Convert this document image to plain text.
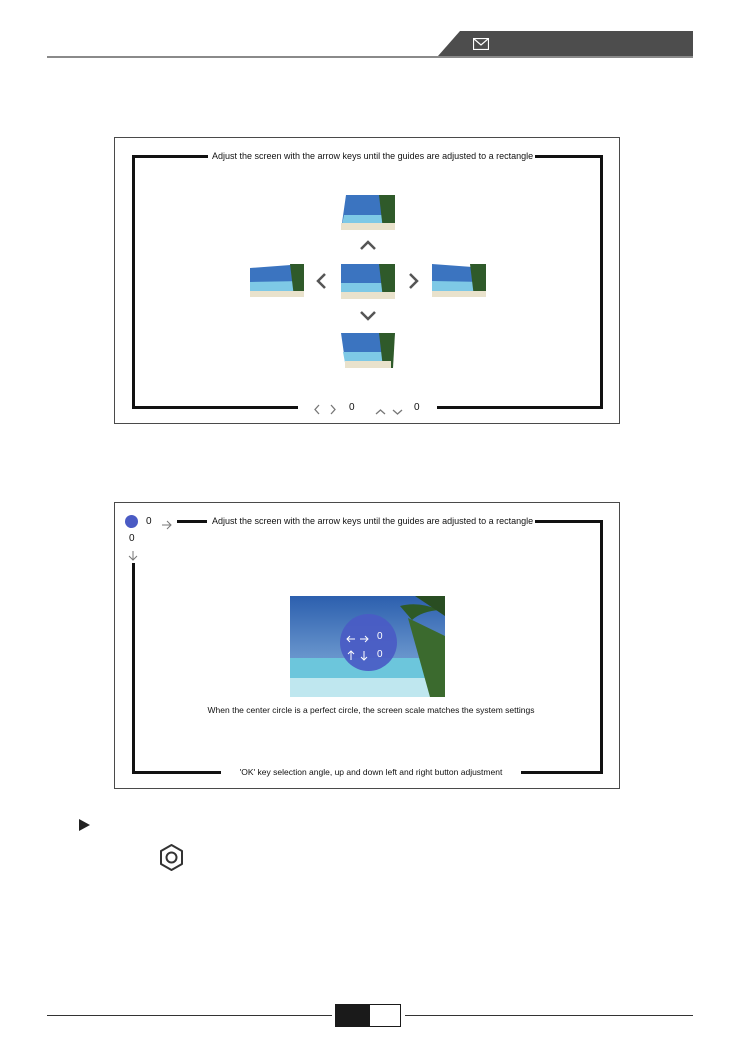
Adjust the screen with the arrow keys until the guides are adjusted to a rectangle
0	0
Adjust the screen with the arrow keys until the guides are adjusted to a rectangle
0
0
0
0
When the center circle is a perfect circle, the screen scale matches the system settings
'OK' key selection angle, up and down left and right button adjustment
